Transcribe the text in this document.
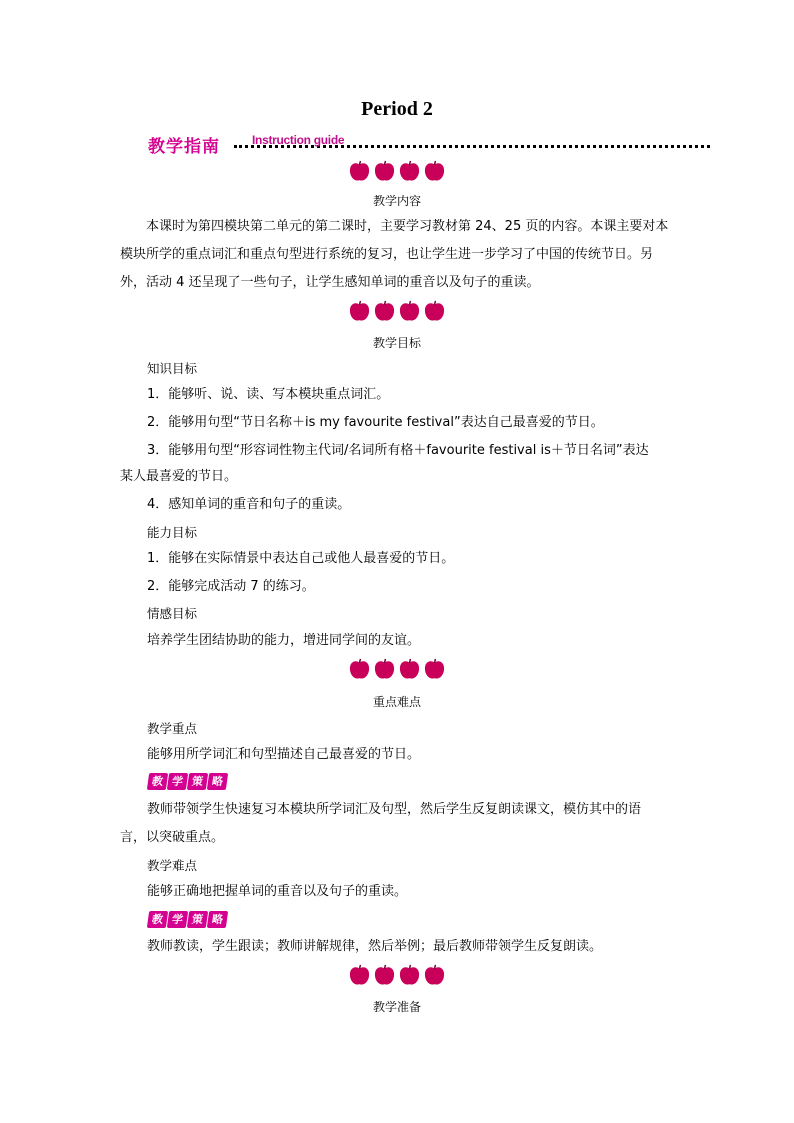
Period 2
教学指南	Instruction guide
教学内容
本课时为第四模块第二单元的第二课时，主要学习教材第 24、25 页的内容。本课主要对本模块所学的重点词汇和重点句型进行系统的复习，也让学生进一步学习了中国的传统节日。另外，活动 4 还呈现了一些句子，让学生感知单词的重音以及句子的重读。
教学目标
知识目标
1．能够听、说、读、写本模块重点词汇。
2．能够用句型“节日名称＋is my favourite festival”表达自己最喜爱的节日。
3．能够用句型“形容词性物主代词/名词所有格＋favourite festival is＋节日名词”表达
某人最喜爱的节日。
4．感知单词的重音和句子的重读。
能力目标
1．能够在实际情景中表达自己或他人最喜爱的节日。
2．能够完成活动 7 的练习。
情感目标
培养学生团结协助的能力，增进同学间的友谊。
重点难点
教学重点
能够用所学词汇和句型描述自己最喜爱的节日。
教 学 策 略
教师带领学生快速复习本模块所学词汇及句型，然后学生反复朗读课文，模仿其中的语
言，以突破重点。
教学难点
能够正确地把握单词的重音以及句子的重读。
教 学 策 略
教师教读，学生跟读；教师讲解规律，然后举例；最后教师带领学生反复朗读。
教学准备
